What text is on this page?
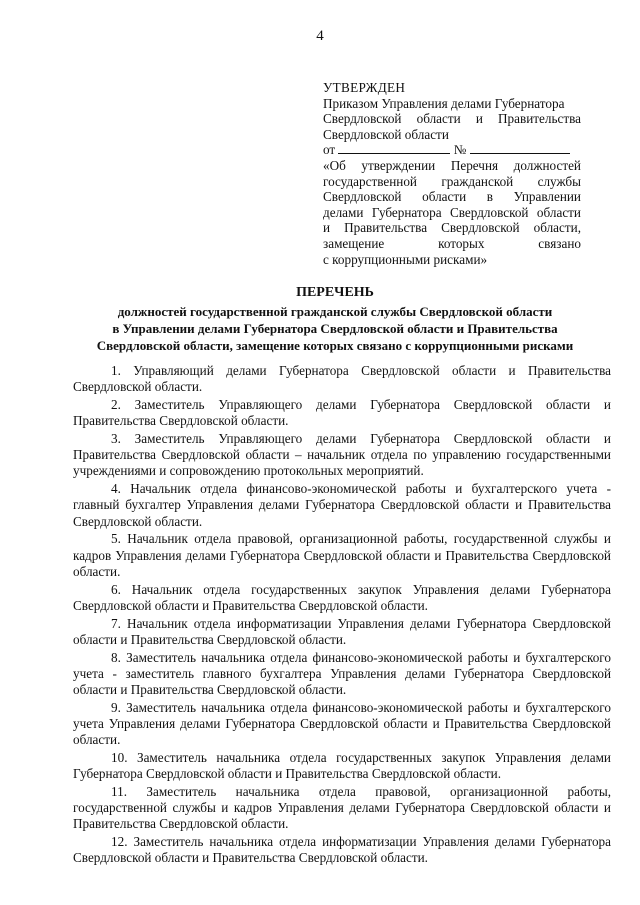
4
УТВЕРЖДЕН
Приказом Управления делами Губернатора
Свердловской области и Правительства
Свердловской области
от	№
«Об утверждении Перечня должностей
государственной гражданской службы
Свердловской области в Управлении
делами Губернатора Свердловской области
и Правительства Свердловской области,
замещение которых связано
с коррупционными рисками»
ПЕРЕЧЕНЬ
должностей государственной гражданской службы Свердловской области
в Управлении делами Губернатора Свердловской области и Правительства
Свердловской области, замещение которых связано с коррупционными рисками

1. Управляющий делами Губернатора Свердловской области и Правительства Свердловской области.

2. Заместитель Управляющего делами Губернатора Свердловской области и Правительства Свердловской области.

3. Заместитель Управляющего делами Губернатора Свердловской области и Правительства Свердловской области – начальник отдела по управлению государственными учреждениями и сопровождению протокольных мероприятий.

4. Начальник отдела финансово-экономической работы и бухгалтерского учета - главный бухгалтер Управления делами Губернатора Свердловской области и Правительства Свердловской области.

5. Начальник отдела правовой, организационной работы, государственной службы и кадров Управления делами Губернатора Свердловской области и Правительства Свердловской области.

6. Начальник отдела государственных закупок Управления делами Губернатора Свердловской области и Правительства Свердловской области.

7. Начальник отдела информатизации Управления делами Губернатора Свердловской области и Правительства Свердловской области.

8. Заместитель начальника отдела финансово-экономической работы и бухгалтерского учета - заместитель главного бухгалтера Управления делами Губернатора Свердловской области и Правительства Свердловской области.

9. Заместитель начальника отдела финансово-экономической работы и бухгалтерского учета Управления делами Губернатора Свердловской области и Правительства Свердловской области.

10. Заместитель начальника отдела государственных закупок Управления делами Губернатора Свердловской области и Правительства Свердловской области.

11. Заместитель начальника отдела правовой, организационной работы, государственной службы и кадров Управления делами Губернатора Свердловской области и Правительства Свердловской области.

12. Заместитель начальника отдела информатизации Управления делами Губернатора Свердловской области и Правительства Свердловской области.
